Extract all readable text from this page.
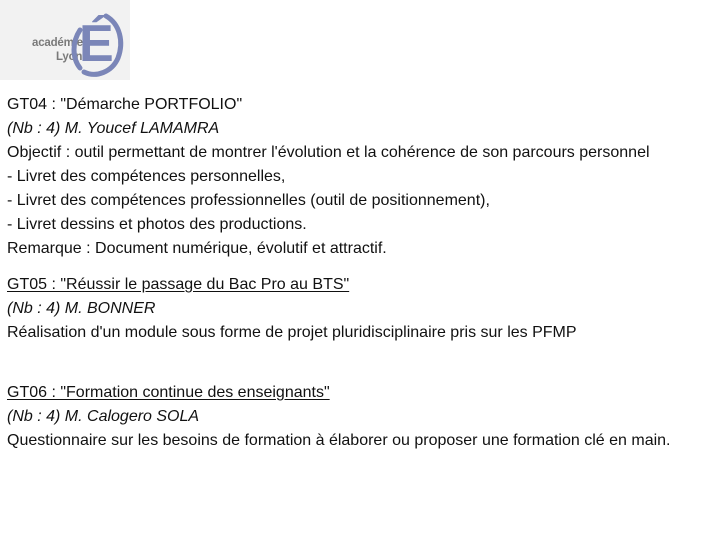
académie
Lyon
É
GT04 : "Démarche PORTFOLIO"
(Nb : 4) M. Youcef LAMAMRA
Objectif : outil permettant de montrer l'évolution et la cohérence de son parcours personnel
- Livret des compétences personnelles,
- Livret des compétences professionnelles (outil de positionnement),
- Livret dessins et photos des productions.
Remarque : Document numérique, évolutif et attractif.
GT05 : "Réussir le passage du Bac Pro au BTS"
(Nb : 4) M. BONNER
Réalisation d'un module sous forme de projet pluridisciplinaire pris sur les PFMP
GT06 : "Formation continue des enseignants"
(Nb : 4) M. Calogero SOLA
Questionnaire sur les besoins de formation à élaborer ou proposer une formation clé en main.
